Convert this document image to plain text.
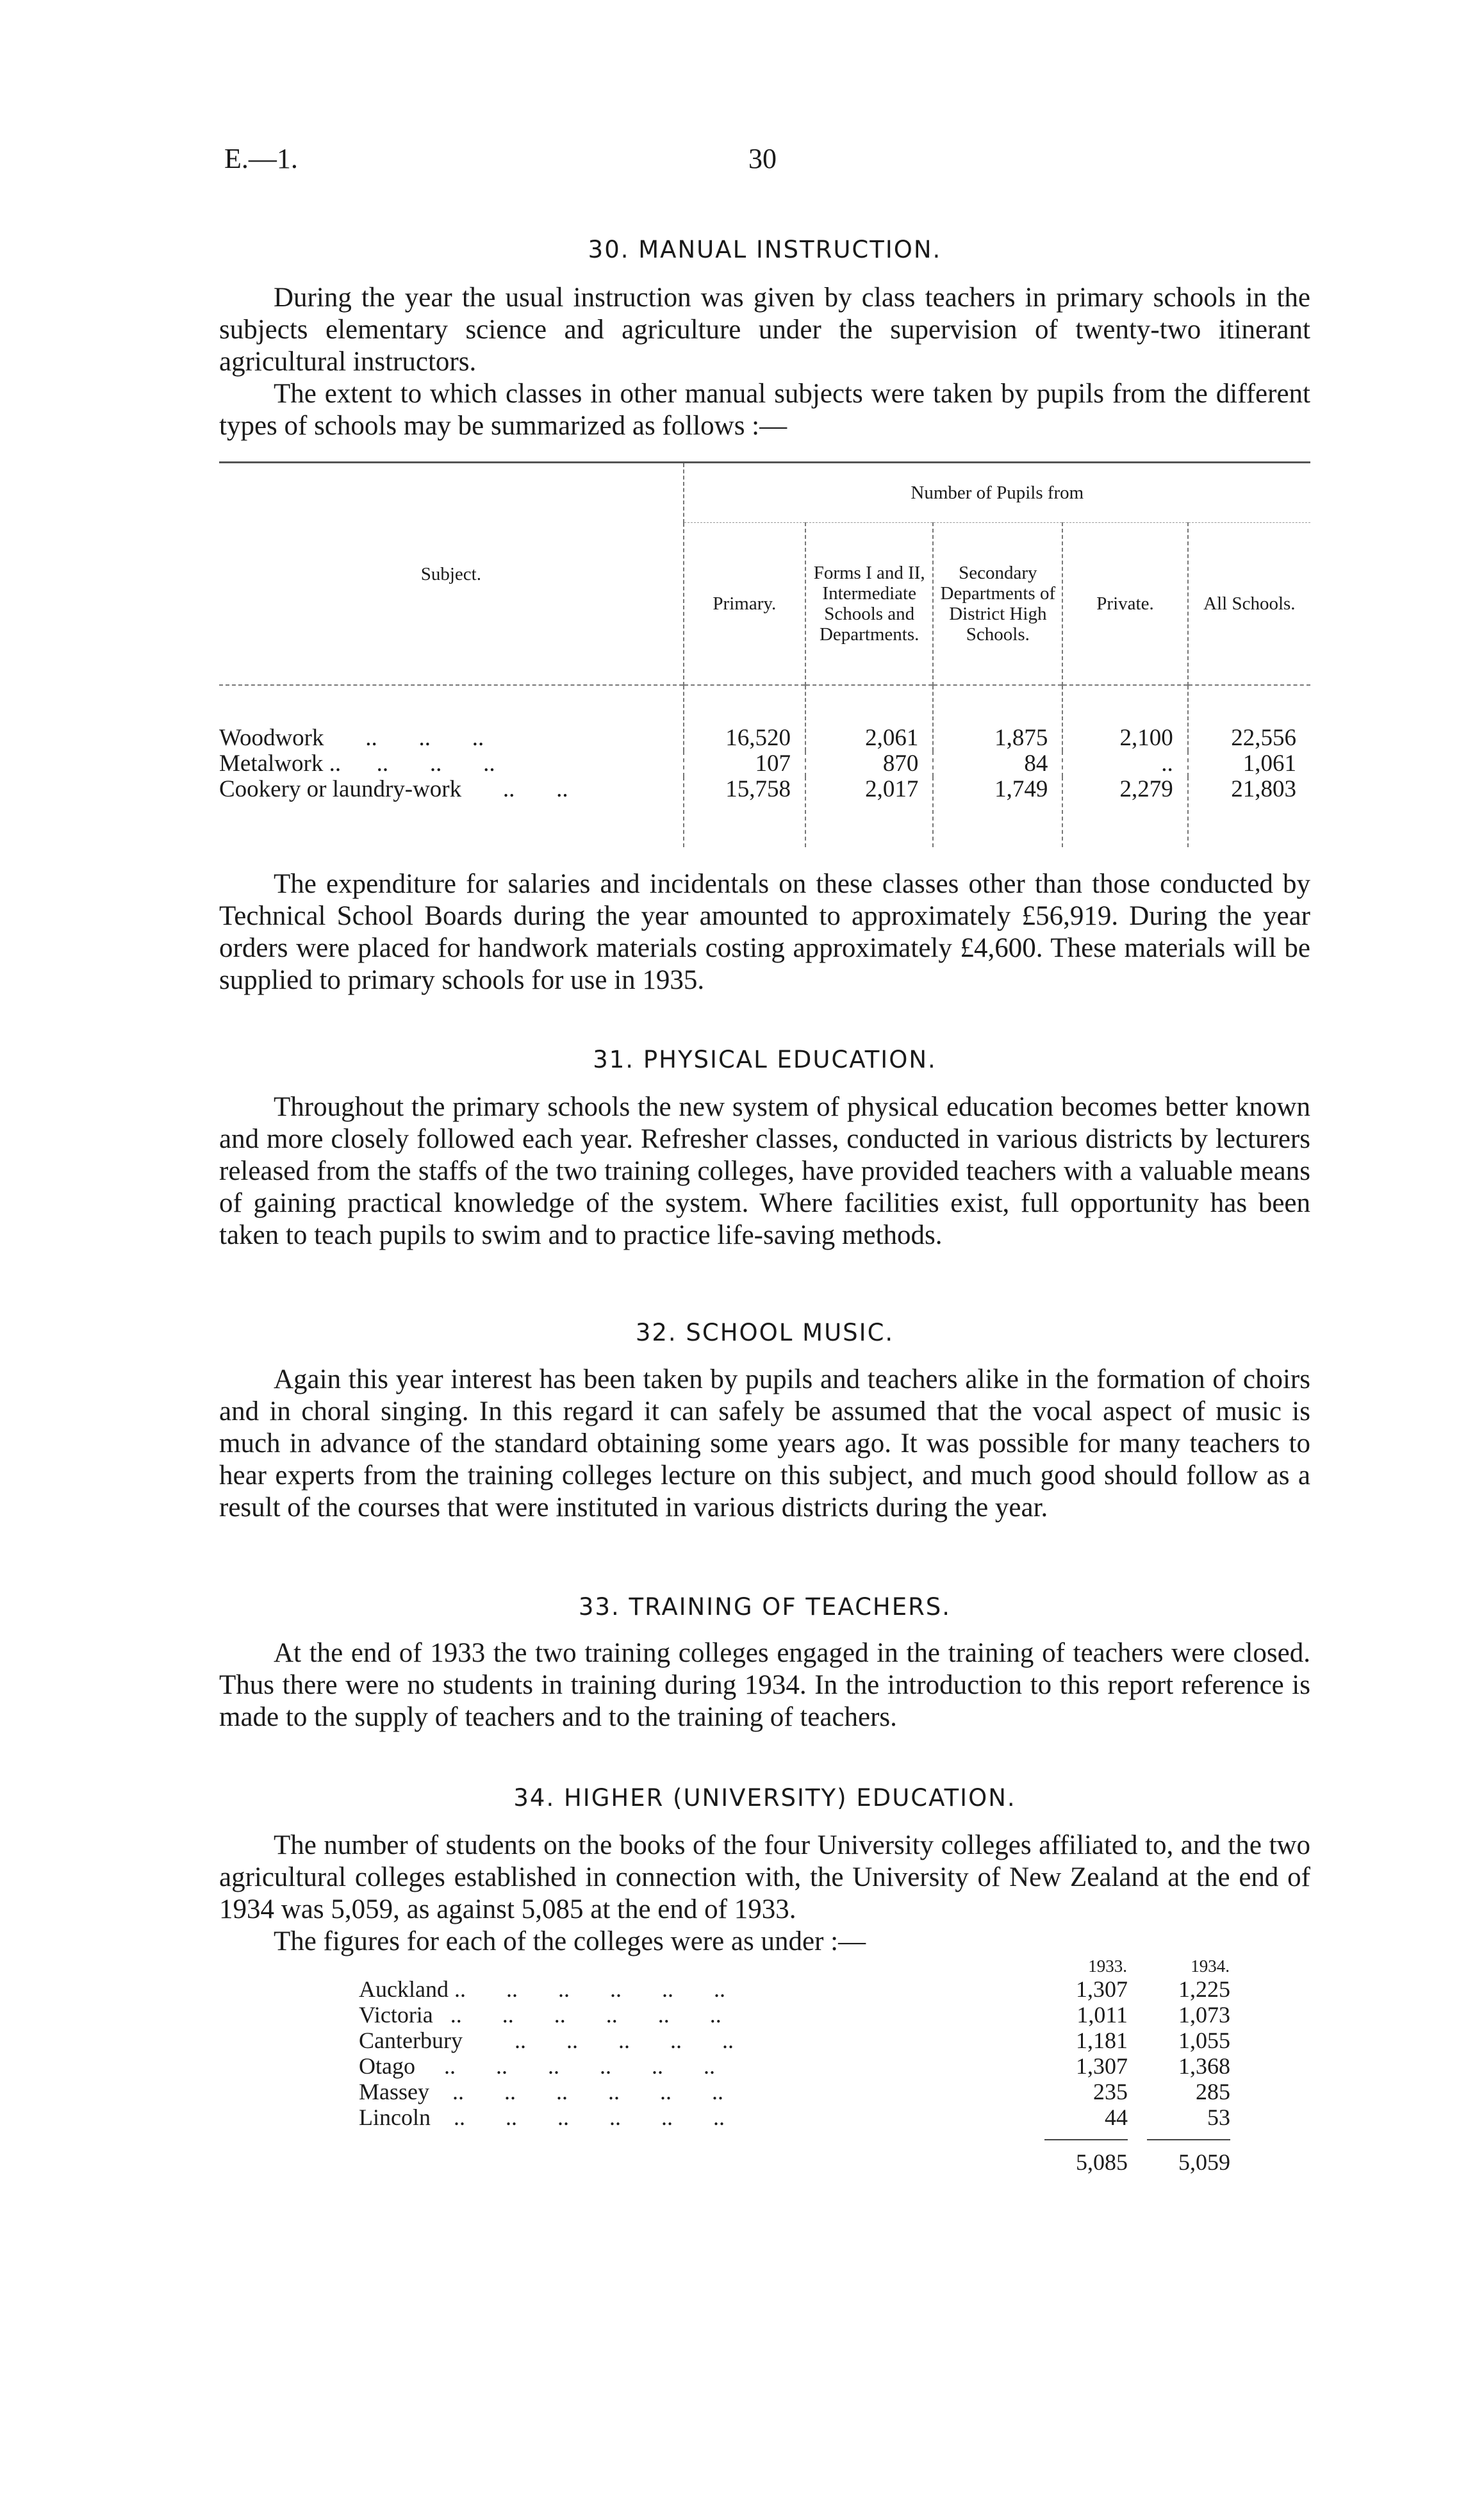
E.—1.	30
30. MANUAL INSTRUCTION.

During the year the usual instruction was given by class teachers in primary schools in the subjects elementary science and agriculture under the supervision of twenty-two itinerant agricultural instructors.

The extent to which classes in other manual subjects were taken by pupils from the different types of schools may be summarized as follows :—

Subject.	Number of Pupils from				
	Primary.	Forms I and II, Intermediate Schools and Departments.	Secondary Departments of District High Schools.	Private.	All Schools.
Woodwork       ..       ..       ..	16,520	2,061	1,875	2,100	22,556
Metalwork ..      ..       ..       ..	107	870	84	..	1,061
Cookery or laundry-work       ..       ..	15,758	2,017	1,749	2,279	21,803

The expenditure for salaries and incidentals on these classes other than those conducted by Technical School Boards during the year amounted to approximately £56,919. During the year orders were placed for handwork materials costing approximately £4,600. These materials will be supplied to primary schools for use in 1935.

31. PHYSICAL EDUCATION.

Throughout the primary schools the new system of physical education becomes better known and more closely followed each year. Refresher classes, conducted in various districts by lecturers released from the staffs of the two training colleges, have provided teachers with a valuable means of gaining practical knowledge of the system. Where facilities exist, full opportunity has been taken to teach pupils to swim and to practice life-saving methods.

32. SCHOOL MUSIC.

Again this year interest has been taken by pupils and teachers alike in the formation of choirs and in choral singing. In this regard it can safely be assumed that the vocal aspect of music is much in advance of the standard obtaining some years ago. It was possible for many teachers to hear experts from the training colleges lecture on this subject, and much good should follow as a result of the courses that were instituted in various districts during the year.

33. TRAINING OF TEACHERS.

At the end of 1933 the two training colleges engaged in the training of teachers were closed. Thus there were no students in training during 1934. In the introduction to this report reference is made to the supply of teachers and to the training of teachers.

34. HIGHER (UNIVERSITY) EDUCATION.

The number of students on the books of the four University colleges affiliated to, and the two agricultural colleges established in connection with, the University of New Zealand at the end of 1934 was 5,059, as against 5,085 at the end of 1933.

The figures for each of the colleges were as under :—

	1933.	1934.
Auckland ..       ..       ..       ..       ..       ..	1,307	1,225
Victoria   ..       ..       ..       ..       ..       ..	1,011	1,073
Canterbury         ..       ..       ..       ..       ..	1,181	1,055
Otago     ..       ..       ..       ..       ..       ..	1,307	1,368
Massey    ..       ..       ..       ..       ..       ..	235	285
Lincoln    ..       ..       ..       ..       ..       ..	44	53

	5,085	5,059
